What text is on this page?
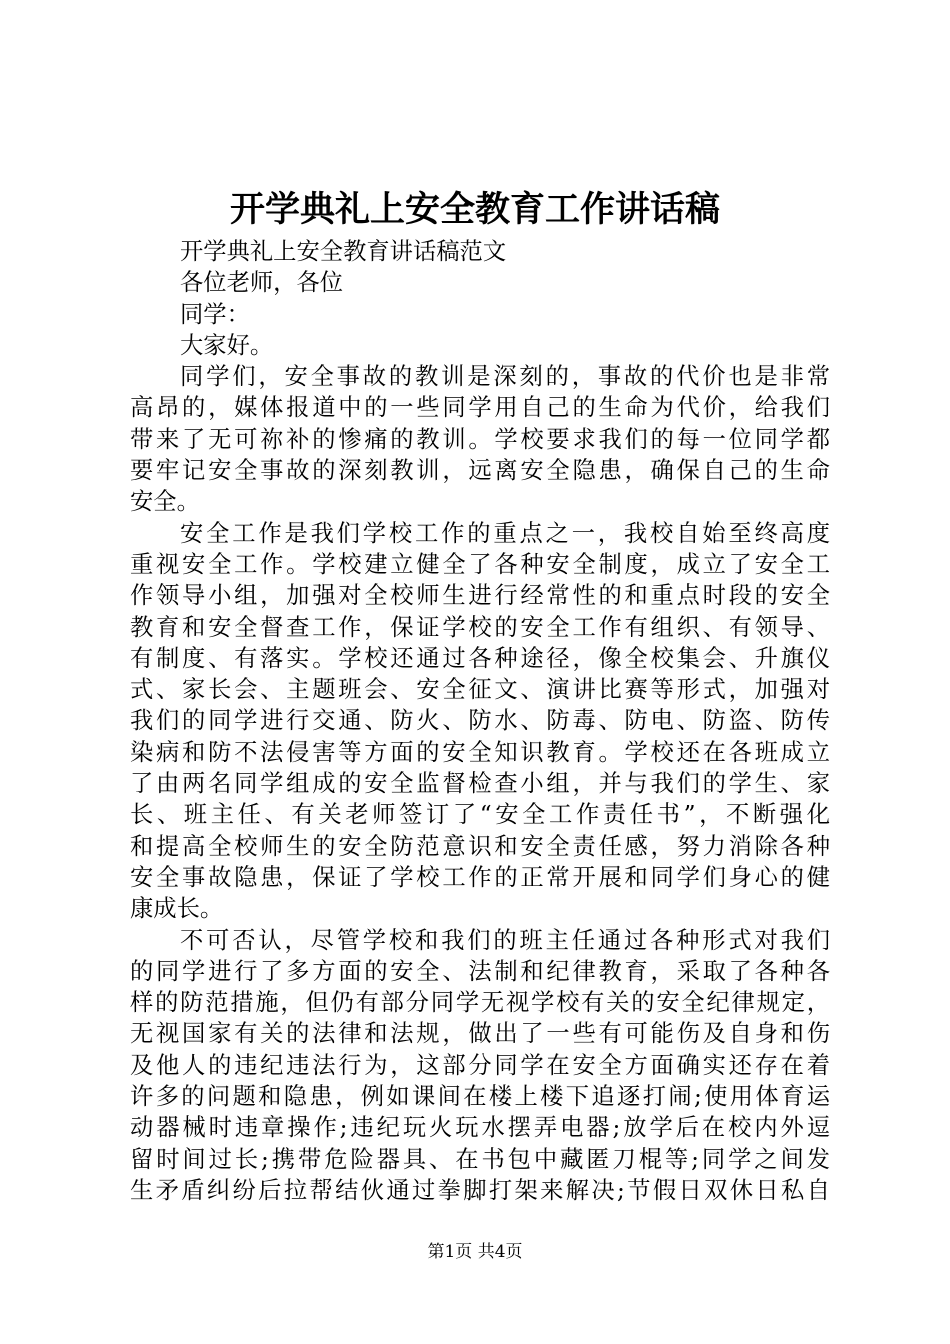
开学典礼上安全教育工作讲话稿
开学典礼上安全教育讲话稿范文
各位老师，各位
同学：
大家好。
同学们，安全事故的教训是深刻的，事故的代价也是非常
高昂的，媒体报道中的一些同学用自己的生命为代价，给我们
带来了无可祢补的惨痛的教训。学校要求我们的每一位同学都
要牢记安全事故的深刻教训，远离安全隐患，确保自己的生命
安全。
安全工作是我们学校工作的重点之一，我校自始至终高度
重视安全工作。学校建立健全了各种安全制度，成立了安全工
作领导小组，加强对全校师生进行经常性的和重点时段的安全
教育和安全督查工作，保证学校的安全工作有组织、有领导、
有制度、有落实。学校还通过各种途径，像全校集会、升旗仪
式、家长会、主题班会、安全征文、演讲比赛等形式，加强对
我们的同学进行交通、防火、防水、防毒、防电、防盗、防传
染病和防不法侵害等方面的安全知识教育。学校还在各班成立
了由两名同学组成的安全监督检查小组，并与我们的学生、家
长、班主任、有关老师签订了“安全工作责任书”，不断强化
和提高全校师生的安全防范意识和安全责任感，努力消除各种
安全事故隐患，保证了学校工作的正常开展和同学们身心的健
康成长。
不可否认，尽管学校和我们的班主任通过各种形式对我们
的同学进行了多方面的安全、法制和纪律教育，采取了各种各
样的防范措施，但仍有部分同学无视学校有关的安全纪律规定，
无视国家有关的法律和法规，做出了一些有可能伤及自身和伤
及他人的违纪违法行为，这部分同学在安全方面确实还存在着
许多的问题和隐患，例如课间在楼上楼下追逐打闹;使用体育运
动器械时违章操作;违纪玩火玩水摆弄电器;放学后在校内外逗
留时间过长;携带危险器具、在书包中藏匿刀棍等;同学之间发
生矛盾纠纷后拉帮结伙通过拳脚打架来解决;节假日双休日私自
第1页 共4页
